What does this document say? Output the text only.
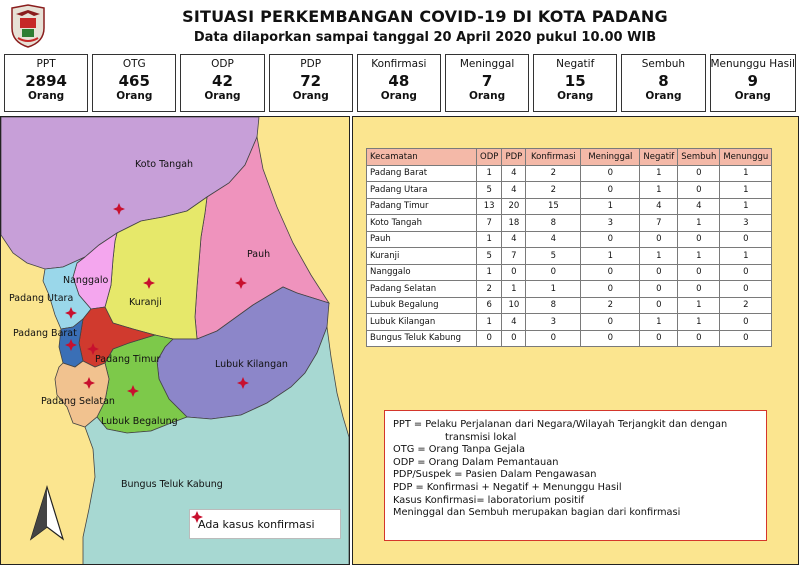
SITUASI PERKEMBANGAN COVID-19 DI KOTA PADANG
Data dilaporkan sampai tanggal 20 April 2020 pukul 10.00 WIB
PPT
2894
Orang
OTG
465
Orang
ODP
42
Orang
PDP
72
Orang
Konfirmasi
48
Orang
Meninggal
7
Orang
Negatif
15
Orang
Sembuh
8
Orang
Menunggu Hasil
9
Orang
Koto Tangah
Pauh
Nanggalo
Kuranji
Padang Utara
Padang Barat
Padang Timur	Lubuk Kilangan
Padang Selatan
Lubuk Begalung
Bungus Teluk Kabung
Ada kasus konfirmasi
Kecamatan	ODP	PDP	Konfirmasi	Meninggal	Negatif	Sembuh	Menunggu
Padang Barat	1	4	2	0	1	0	1
Padang Utara	5	4	2	0	1	0	1
Padang Timur	13	20	15	1	4	4	1
Koto Tangah	7	18	8	3	7	1	3
Pauh	1	4	4	0	0	0	0
Kuranji	5	7	5	1	1	1	1
Nanggalo	1	0	0	0	0	0	0
Padang Selatan	2	1	1	0	0	0	0
Lubuk Begalung	6	10	8	2	0	1	2
Lubuk Kilangan	1	4	3	0	1	1	0
Bungus Teluk Kabung	0	0	0	0	0	0	0
PPT = Pelaku Perjalanan dari Negara/Wilayah Terjangkit dan dengan
transmisi lokal
OTG = Orang Tanpa Gejala
ODP = Orang Dalam Pemantauan
PDP/Suspek = Pasien Dalam Pengawasan
PDP = Konfirmasi + Negatif + Menunggu Hasil
Kasus Konfirmasi= laboratorium positif
Meninggal dan Sembuh merupakan bagian dari konfirmasi
